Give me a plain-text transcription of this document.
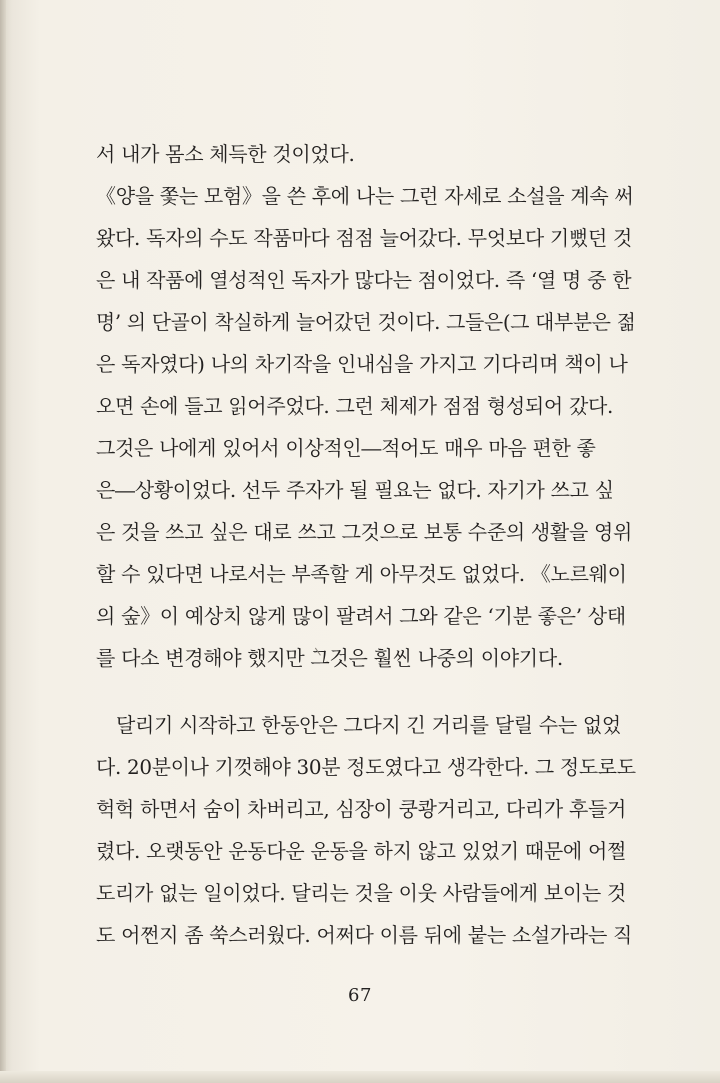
서 내가 몸소 체득한 것이었다.
《양을 쫓는 모험》을 쓴 후에 나는 그런 자세로 소설을 계속 써
왔다. 독자의 수도 작품마다 점점 늘어갔다. 무엇보다 기뻤던 것
은 내 작품에 열성적인 독자가 많다는 점이었다. 즉 ‘열 명 중 한
명’ 의 단골이 착실하게 늘어갔던 것이다. 그들은(그 대부분은 젊
은 독자였다) 나의 차기작을 인내심을 가지고 기다리며 책이 나
오면 손에 들고 읽어주었다. 그런 체제가 점점 형성되어 갔다.
그것은 나에게 있어서 이상적인―적어도 매우 마음 편한 좋
은―상황이었다. 선두 주자가 될 필요는 없다. 자기가 쓰고 싶
은 것을 쓰고 싶은 대로 쓰고 그것으로 보통 수준의 생활을 영위
할 수 있다면 나로서는 부족할 게 아무것도 없었다. 《노르웨이
의 숲》이 예상치 않게 많이 팔려서 그와 같은 ‘기분 좋은’ 상태
를 다소 변경해야 했지만 그것은 훨씬 나중의 이야기다.
달리기 시작하고 한동안은 그다지 긴 거리를 달릴 수는 없었
다. 20분이나 기껏해야 30분 정도였다고 생각한다. 그 정도로도
헉헉 하면서 숨이 차버리고, 심장이 쿵쾅거리고, 다리가 후들거
렸다. 오랫동안 운동다운 운동을 하지 않고 있었기 때문에 어쩔
도리가 없는 일이었다. 달리는 것을 이웃 사람들에게 보이는 것
도 어쩐지 좀 쑥스러웠다. 어쩌다 이름 뒤에 붙는 소설가라는 직
67
